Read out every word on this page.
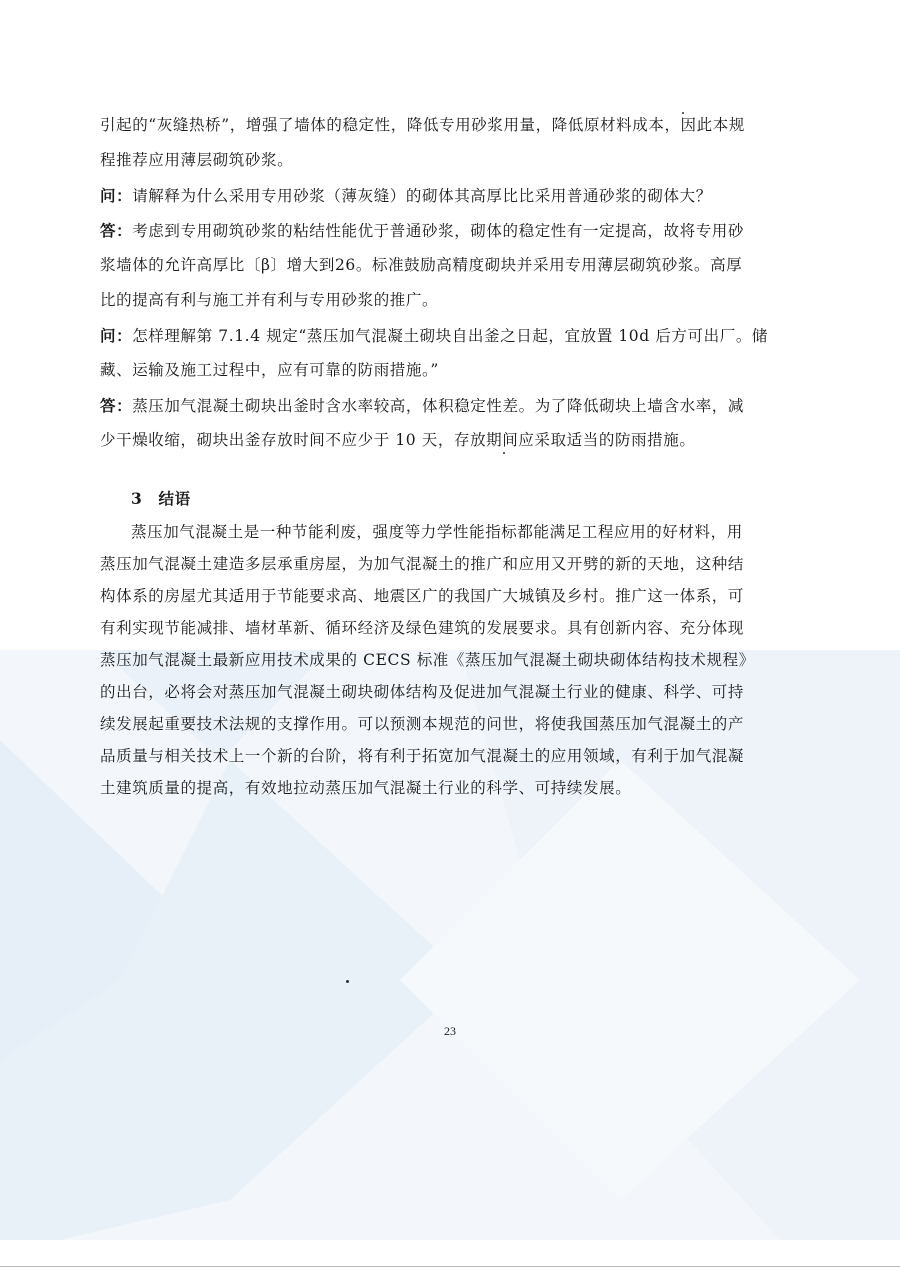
引起的“灰缝热桥”，增强了墙体的稳定性，降低专用砂浆用量，降低原材料成本，因此本规
程推荐应用薄层砌筑砂浆。
问：请解释为什么采用专用砂浆（薄灰缝）的砌体其高厚比比采用普通砂浆的砌体大？
答：考虑到专用砌筑砂浆的粘结性能优于普通砂浆，砌体的稳定性有一定提高，故将专用砂
浆墙体的允许高厚比〔β〕增大到26。标准鼓励高精度砌块并采用专用薄层砌筑砂浆。高厚
比的提高有利与施工并有利与专用砂浆的推广。
问：怎样理解第 7.1.4 规定“蒸压加气混凝土砌块自出釜之日起，宜放置 10d 后方可出厂。储
藏、运输及施工过程中，应有可靠的防雨措施。”
答：蒸压加气混凝土砌块出釜时含水率较高，体积稳定性差。为了降低砌块上墙含水率，减
少干燥收缩，砌块出釜存放时间不应少于 10 天，存放期间应采取适当的防雨措施。
3　结语
蒸压加气混凝土是一种节能利废，强度等力学性能指标都能满足工程应用的好材料，用
蒸压加气混凝土建造多层承重房屋，为加气混凝土的推广和应用又开劈的新的天地，这种结
构体系的房屋尤其适用于节能要求高、地震区广的我国广大城镇及乡村。推广这一体系，可
有利实现节能减排、墙材革新、循环经济及绿色建筑的发展要求。具有创新内容、充分体现
蒸压加气混凝土最新应用技术成果的 CECS 标准《蒸压加气混凝土砌块砌体结构技术规程》
的出台，必将会对蒸压加气混凝土砌块砌体结构及促进加气混凝土行业的健康、科学、可持
续发展起重要技术法规的支撑作用。可以预测本规范的问世，将使我国蒸压加气混凝土的产
品质量与相关技术上一个新的台阶，将有利于拓宽加气混凝土的应用领域，有利于加气混凝
土建筑质量的提高，有效地拉动蒸压加气混凝土行业的科学、可持续发展。
23
